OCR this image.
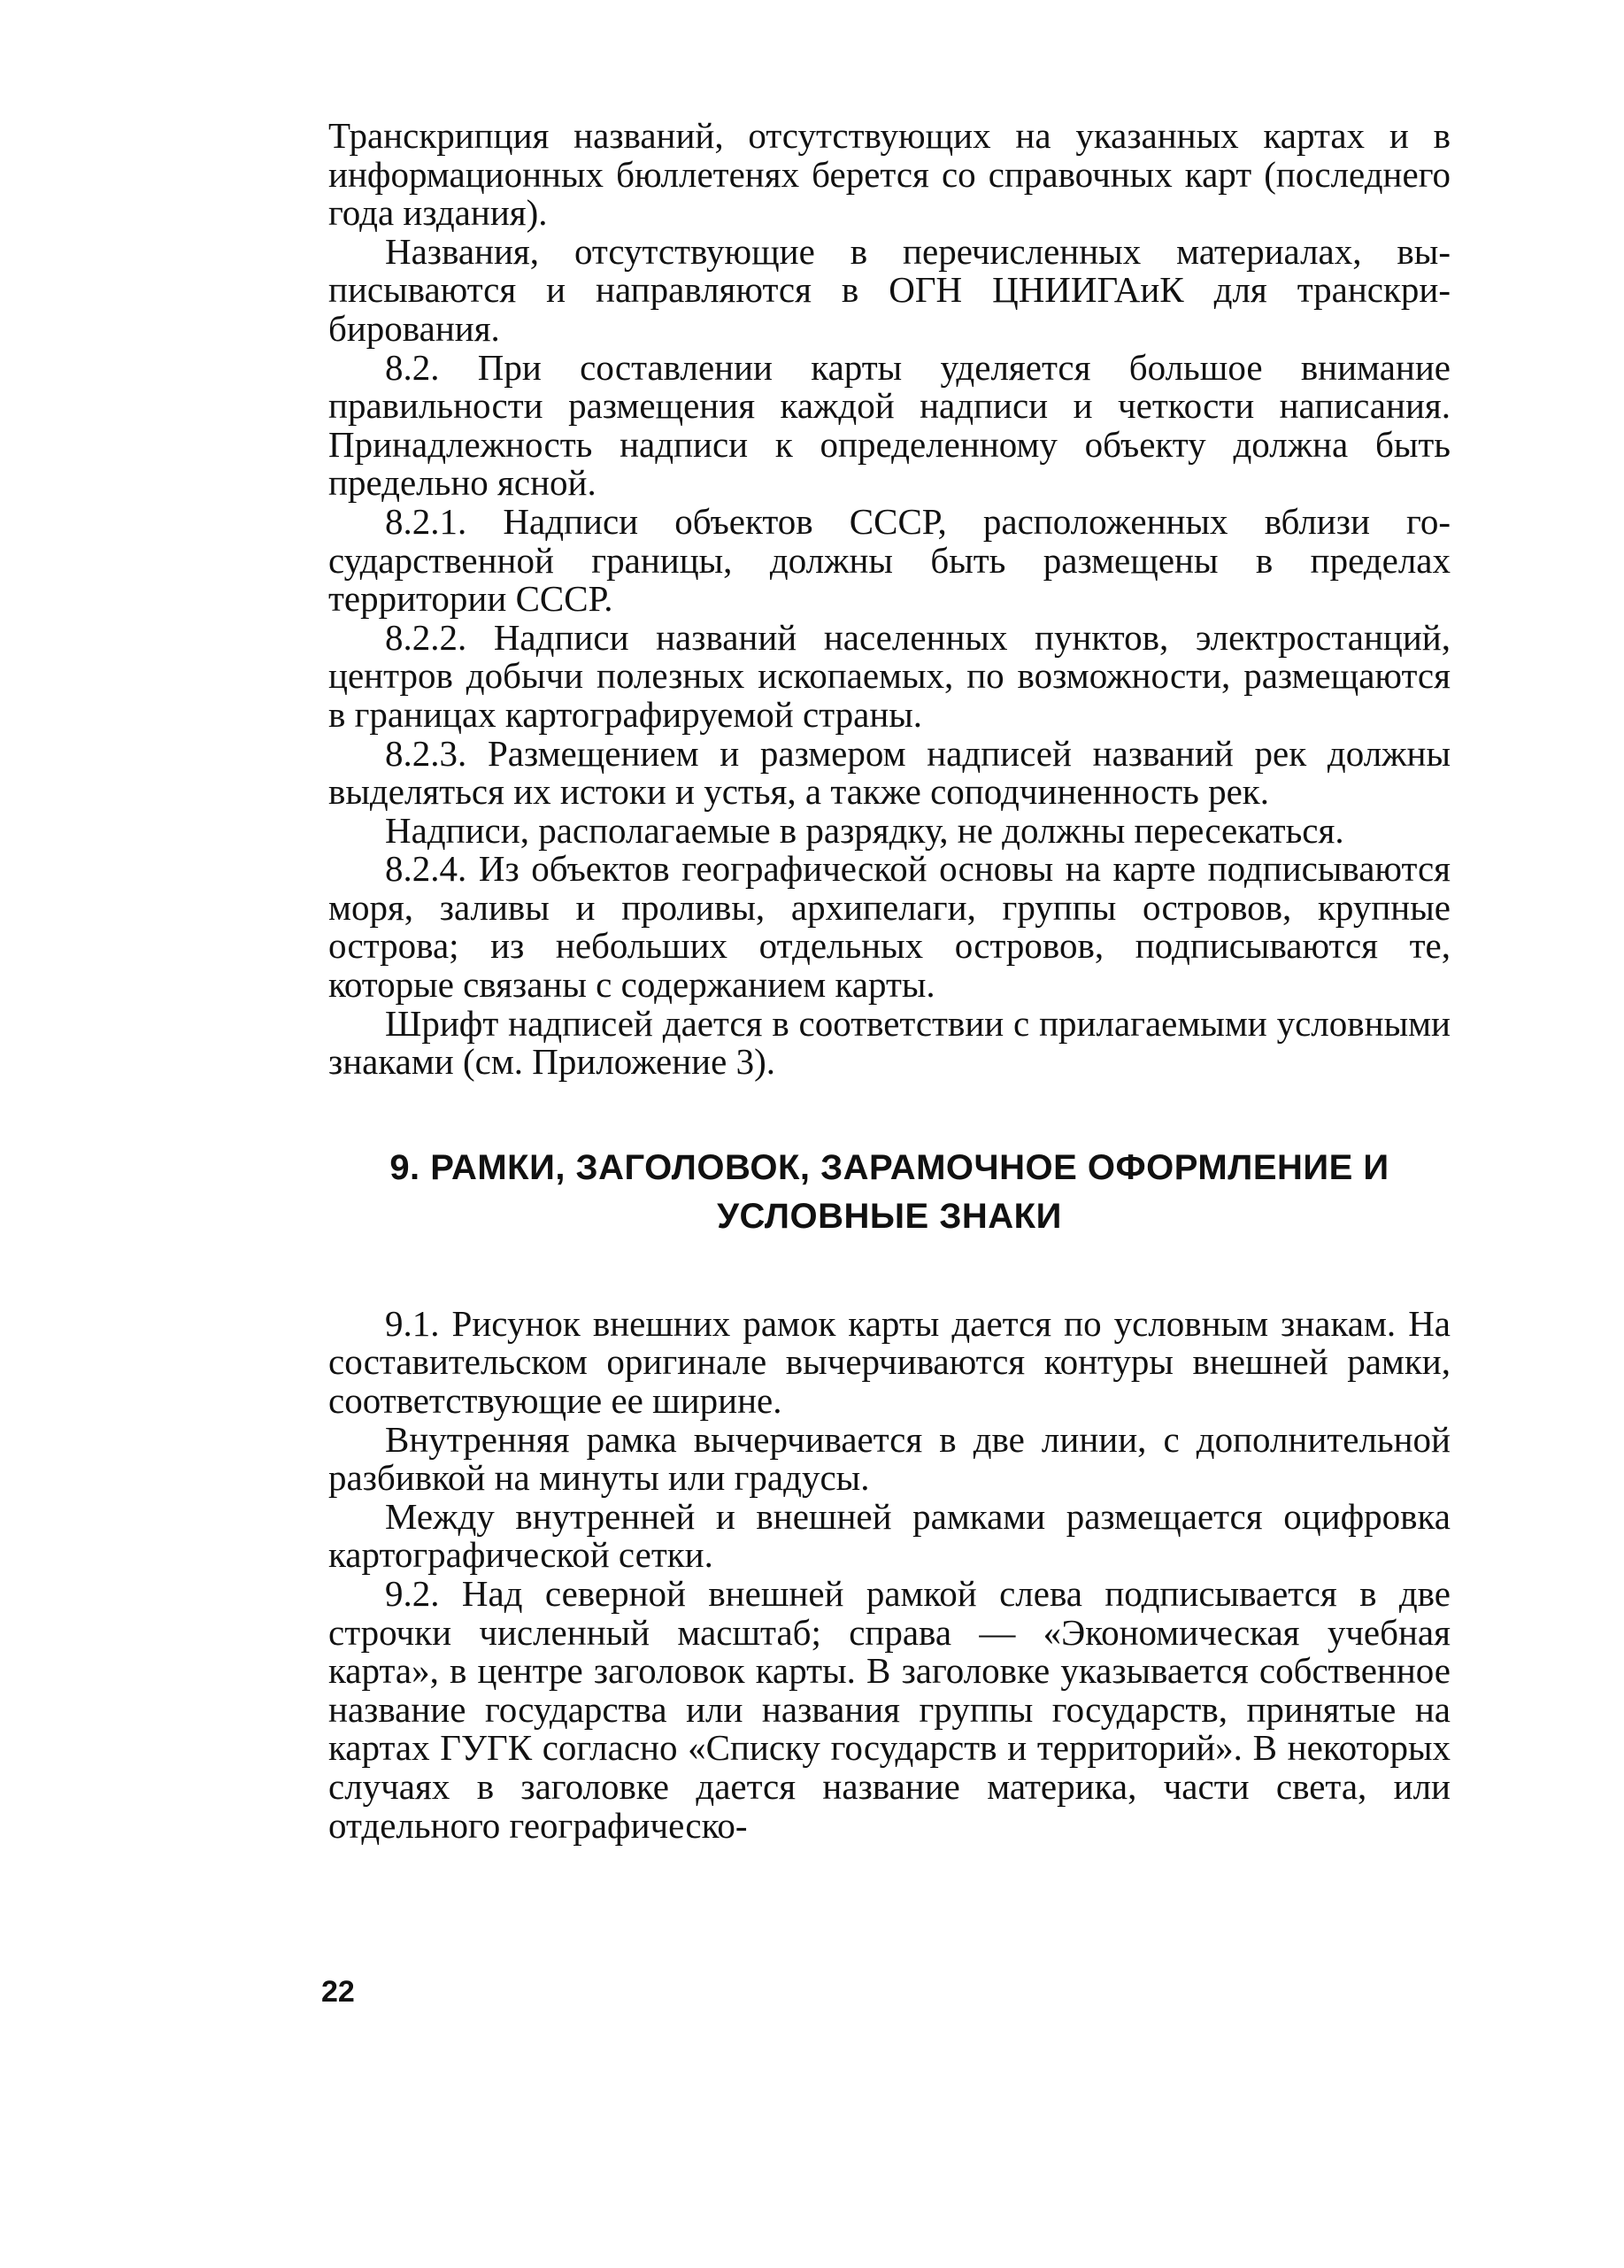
Транскрипция названий, отсутствующих на указанных картах и в информационных бюллетенях берется со справочных карт (последнего года издания).

Названия, отсутствующие в перечисленных материалах, выписываются и направляются в ОГН ЦНИИГАиК для транскрибирования.

8.2. При составлении карты уделяется большое внимание правильности размещения каждой надписи и четкости написания. Принадлежность надписи к определенному объекту должна быть предельно ясной.

8.2.1. Надписи объектов СССР, расположенных вблизи государственной границы, должны быть размещены в пределах территории СССР.

8.2.2. Надписи названий населенных пунктов, электростанций, центров добычи полезных ископаемых, по возможности, размещаются в границах картографируемой страны.

8.2.3. Размещением и размером надписей названий рек должны выделяться их истоки и устья, а также соподчиненность рек.

Надписи, располагаемые в разрядку, не должны пересекаться.

8.2.4. Из объектов географической основы на карте подписываются моря, заливы и проливы, архипелаги, группы островов, крупные острова; из небольших отдельных островов, подписываются те, которые связаны с содержанием карты.

Шрифт надписей дается в соответствии с прилагаемыми условными знаками (см. Приложение 3).

9. РАМКИ, ЗАГОЛОВОК, ЗАРАМОЧНОЕ ОФОРМЛЕНИЕ И
УСЛОВНЫЕ ЗНАКИ

9.1. Рисунок внешних рамок карты дается по условным знакам. На составительском оригинале вычерчиваются контуры внешней рамки, соответствующие ее ширине.

Внутренняя рамка вычерчивается в две линии, с дополнительной разбивкой на минуты или градусы.

Между внутренней и внешней рамками размещается оцифровка картографической сетки.

9.2. Над северной внешней рамкой слева подписывается в две строчки численный масштаб; справа — «Экономическая учебная карта», в центре заголовок карты. В заголовке указывается собственное название государства или названия группы государств, принятые на картах ГУГК согласно «Списку государств и территорий». В некоторых случаях в заголовке дается название материка, части света, или отдельного географическо-

22
